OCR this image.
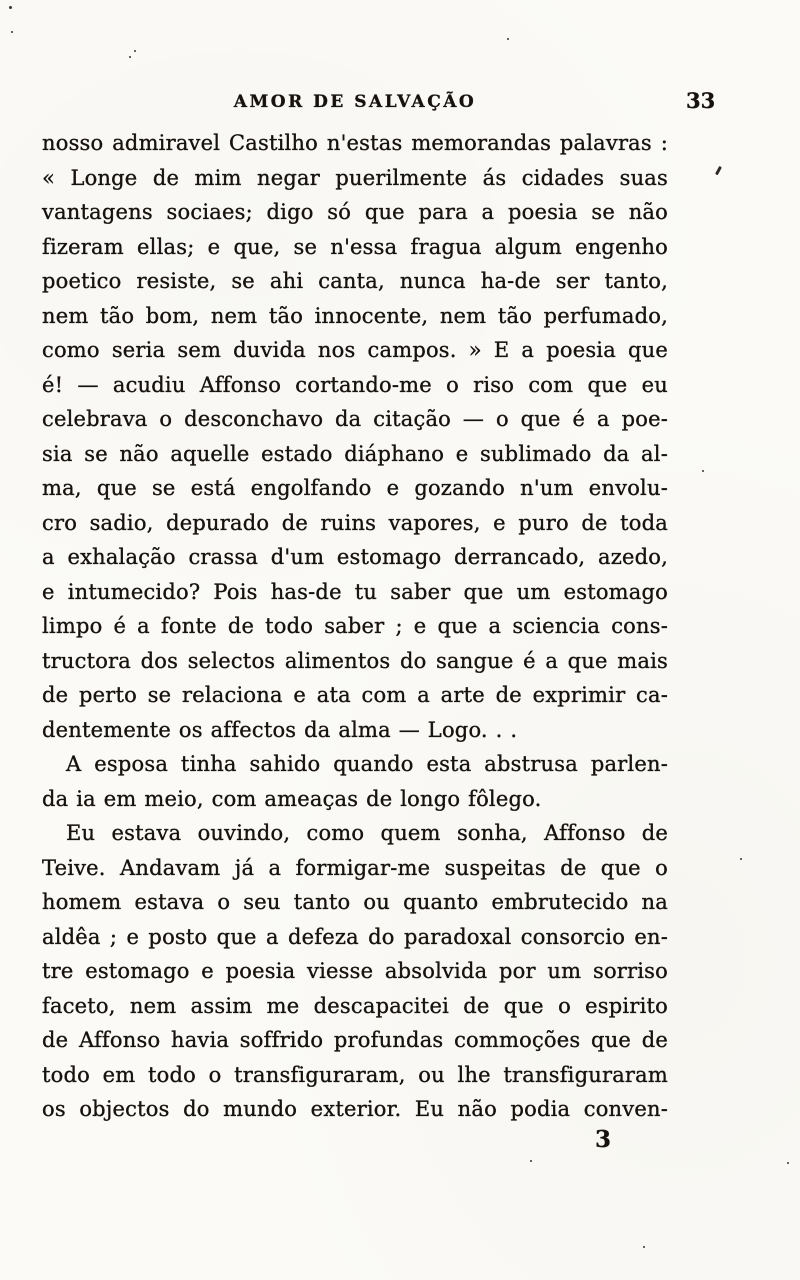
AMOR DE SALVAÇÃO	33
nosso admiravel Castilho n'estas memorandas palavras :
« Longe de mim negar puerilmente ás cidades suas
vantagens sociaes; digo só que para a poesia se não
fizeram ellas; e que, se n'essa fragua algum engenho
poetico resiste, se ahi canta, nunca ha-de ser tanto,
nem tão bom, nem tão innocente, nem tão perfumado,
como seria sem duvida nos campos. » E a poesia que
é! — acudiu Affonso cortando-me o riso com que eu
celebrava o desconchavo da citação — o que é a poe-
sia se não aquelle estado diáphano e sublimado da al-
ma, que se está engolfando e gozando n'um envolu-
cro sadio, depurado de ruins vapores, e puro de toda
a exhalação crassa d'um estomago derrancado, azedo,
e intumecido? Pois has-de tu saber que um estomago
limpo é a fonte de todo saber ; e que a sciencia cons-
tructora dos selectos alimentos do sangue é a que mais
de perto se relaciona e ata com a arte de exprimir ca-
dentemente os affectos da alma — Logo. . .
A esposa tinha sahido quando esta abstrusa parlen-
da ia em meio, com ameaças de longo fôlego.
Eu estava ouvindo, como quem sonha, Affonso de
Teive. Andavam já a formigar-me suspeitas de que o
homem estava o seu tanto ou quanto embrutecido na
aldêa ; e posto que a defeza do paradoxal consorcio en-
tre estomago e poesia viesse absolvida por um sorriso
faceto, nem assim me descapacitei de que o espirito
de Affonso havia soffrido profundas commoções que de
todo em todo o transfiguraram, ou lhe transfiguraram
os objectos do mundo exterior. Eu não podia conven-
3
